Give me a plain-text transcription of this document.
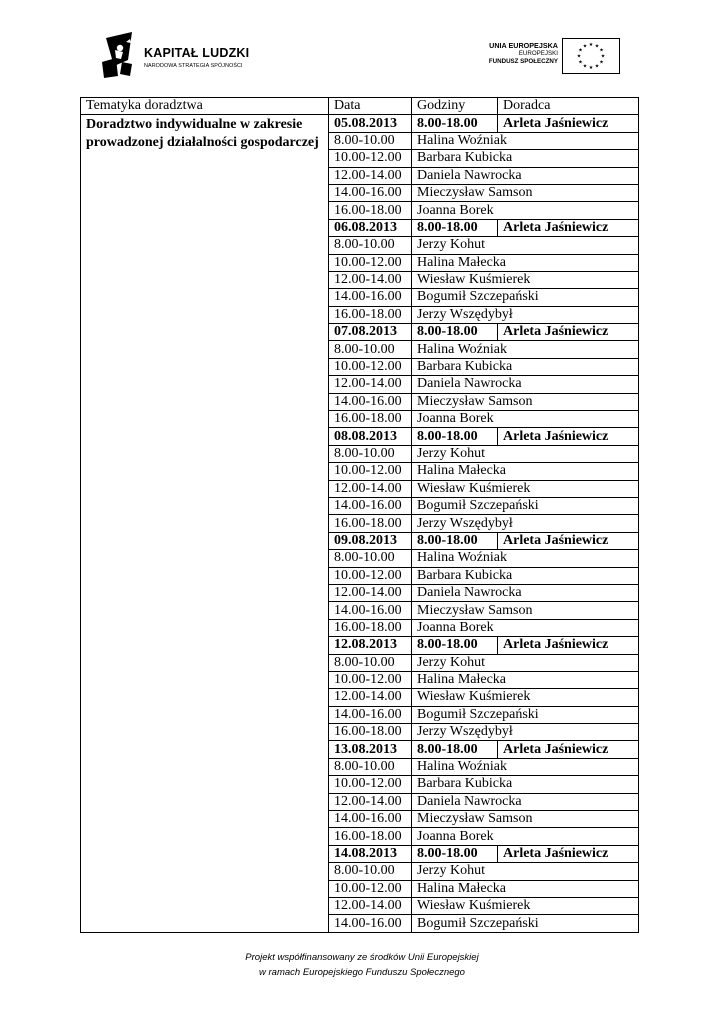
KAPITAŁ LUDZKI
NARODOWA STRATEGIA SPÓJNOŚCI
UNIA EUROPEJSKA
EUROPEJSKI
FUNDUSZ SPOŁECZNY
★ ★
★
★
★
★
★
★
★
★
★
★
Tematyka doradztwa	Data	Godziny	Doradca
Doradztwo indywidualne w zakresie prowadzonej działalności gospodarczej	05.08.2013	8.00-18.00	Arleta Jaśniewicz
	8.00-10.00	Halina Woźniak	
	10.00-12.00	Barbara Kubicka	
	12.00-14.00	Daniela Nawrocka	
	14.00-16.00	Mieczysław Samson	
	16.00-18.00	Joanna Borek	
	06.08.2013	8.00-18.00	Arleta Jaśniewicz
	8.00-10.00	Jerzy Kohut	
	10.00-12.00	Halina Małecka	
	12.00-14.00	Wiesław Kuśmierek	
	14.00-16.00	Bogumił Szczepański	
	16.00-18.00	Jerzy Wszędybył	
	07.08.2013	8.00-18.00	Arleta Jaśniewicz
	8.00-10.00	Halina Woźniak	
	10.00-12.00	Barbara Kubicka	
	12.00-14.00	Daniela Nawrocka	
	14.00-16.00	Mieczysław Samson	
	16.00-18.00	Joanna Borek	
	08.08.2013	8.00-18.00	Arleta Jaśniewicz
	8.00-10.00	Jerzy Kohut	
	10.00-12.00	Halina Małecka	
	12.00-14.00	Wiesław Kuśmierek	
	14.00-16.00	Bogumił Szczepański	
	16.00-18.00	Jerzy Wszędybył	
	09.08.2013	8.00-18.00	Arleta Jaśniewicz
	8.00-10.00	Halina Woźniak	
	10.00-12.00	Barbara Kubicka	
	12.00-14.00	Daniela Nawrocka	
	14.00-16.00	Mieczysław Samson	
	16.00-18.00	Joanna Borek	
	12.08.2013	8.00-18.00	Arleta Jaśniewicz
	8.00-10.00	Jerzy Kohut	
	10.00-12.00	Halina Małecka	
	12.00-14.00	Wiesław Kuśmierek	
	14.00-16.00	Bogumił Szczepański	
	16.00-18.00	Jerzy Wszędybył	
	13.08.2013	8.00-18.00	Arleta Jaśniewicz
	8.00-10.00	Halina Woźniak	
	10.00-12.00	Barbara Kubicka	
	12.00-14.00	Daniela Nawrocka	
	14.00-16.00	Mieczysław Samson	
	16.00-18.00	Joanna Borek	
	14.08.2013	8.00-18.00	Arleta Jaśniewicz
	8.00-10.00	Jerzy Kohut	
	10.00-12.00	Halina Małecka	
	12.00-14.00	Wiesław Kuśmierek	
	14.00-16.00	Bogumił Szczepański	
Projekt współfinansowany ze środków Unii Europejskiej
w ramach Europejskiego Funduszu Społecznego
